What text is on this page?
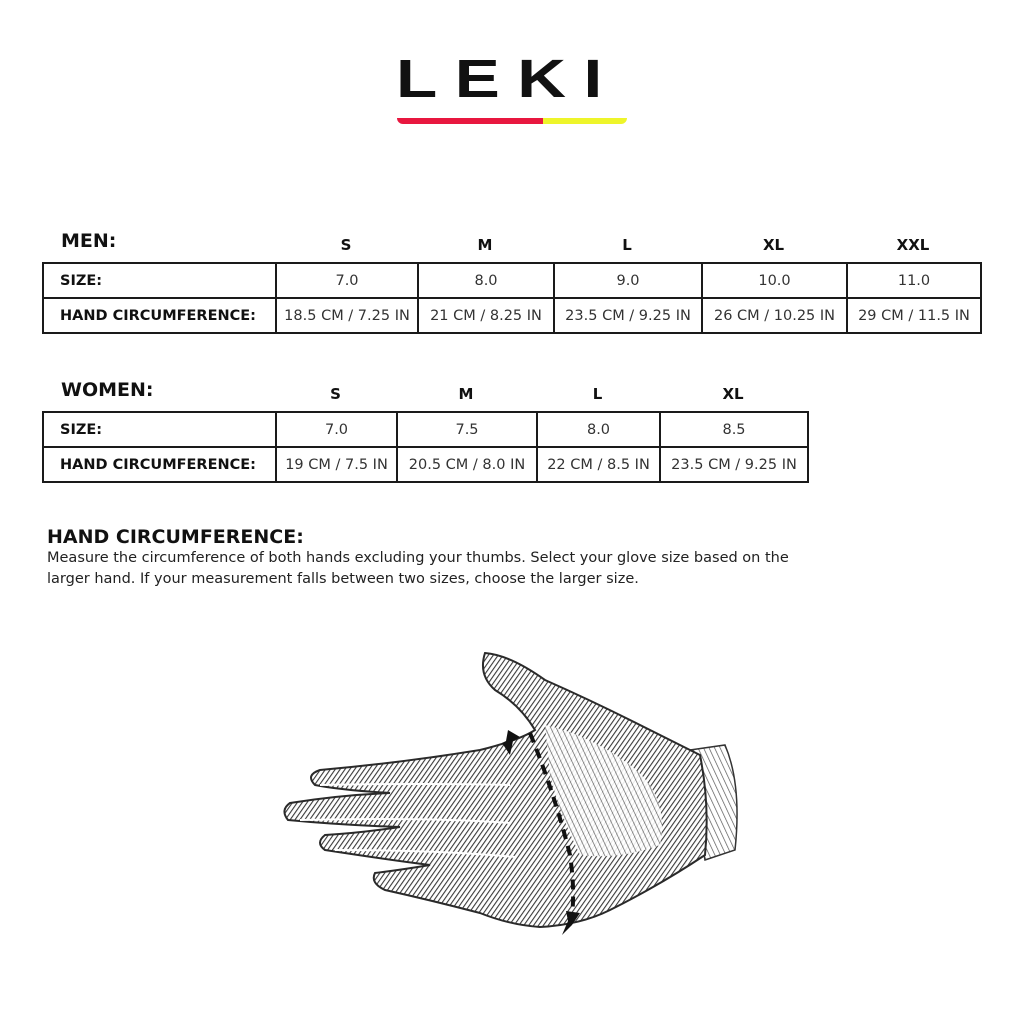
LEKI
MEN:	S	M	L	XL	XXL
SIZE:	7.0	8.0	9.0	10.0	11.0
HAND CIRCUMFERENCE:	18.5 CM / 7.25 IN	21 CM / 8.25 IN	23.5 CM / 9.25 IN	26 CM / 10.25 IN	29 CM / 11.5 IN
WOMEN:	S	M	L	XL
SIZE:	7.0	7.5	8.0	8.5
HAND CIRCUMFERENCE:	19 CM / 7.5 IN	20.5 CM / 8.0 IN	22 CM / 8.5 IN	23.5 CM / 9.25 IN
HAND CIRCUMFERENCE:
Measure the circumference of both hands excluding your thumbs. Select your glove size based on the larger hand. If your measurement falls between two sizes, choose the larger size.
